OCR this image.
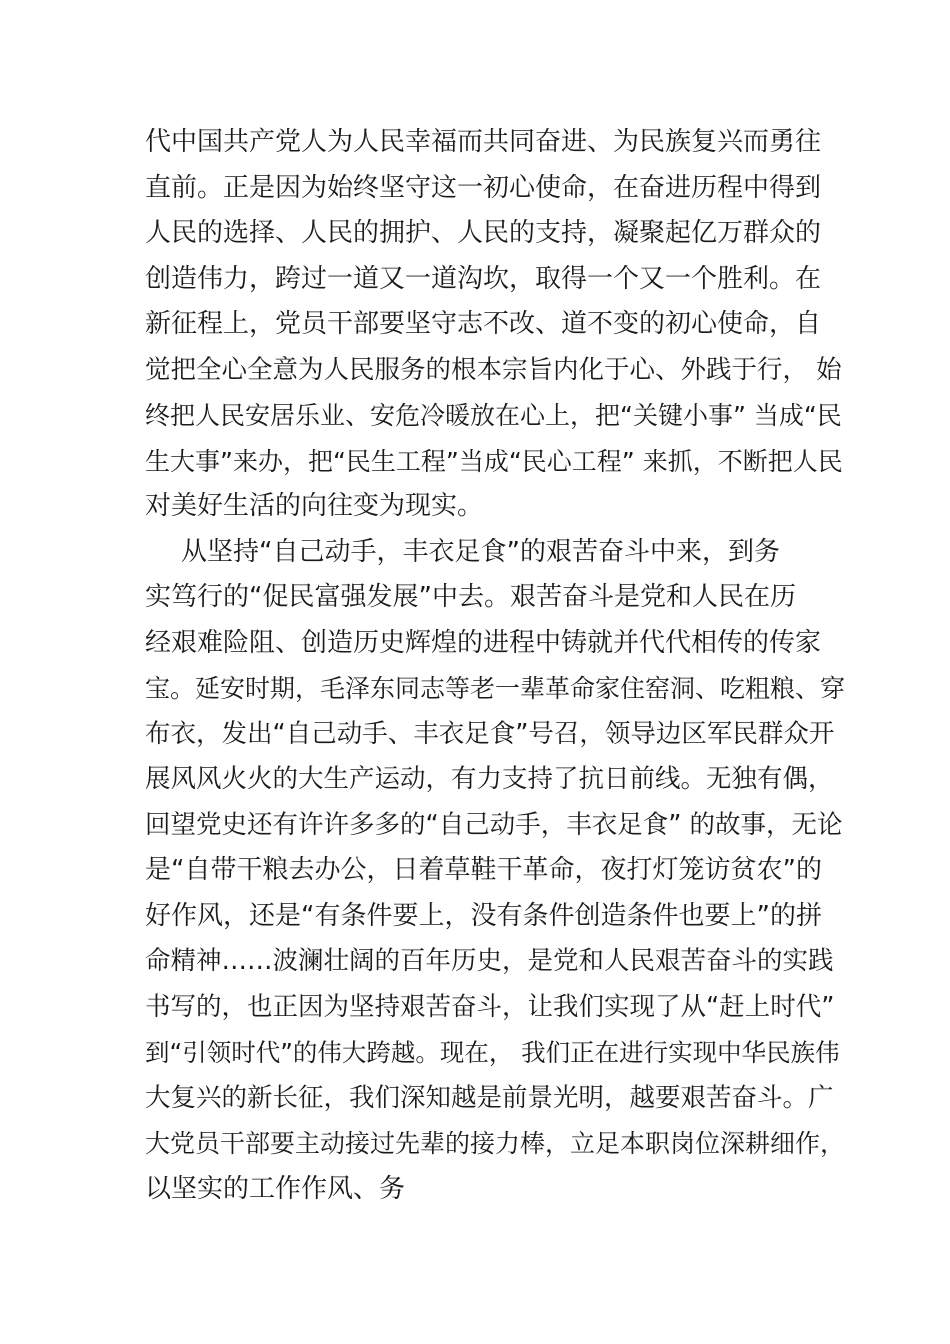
代中国共产党人为人民幸福而共同奋进、为民族复兴而勇往
直前。正是因为始终坚守这一初心使命，在奋进历程中得到
人民的选择、人民的拥护、人民的支持，凝聚起亿万群众的
创造伟力，跨过一道又一道沟坎，取得一个又一个胜利。在
新征程上，党员干部要坚守志不改、道不变的初心使命，自
觉把全心全意为人民服务的根本宗旨内化于心、外践于行， 始
终把人民安居乐业、安危冷暖放在心上，把“关键小事” 当成“民
生大事”来办，把“民生工程”当成“民心工程” 来抓，不断把人民
对美好生活的向往变为现实。
从坚持“自己动手，丰衣足食”的艰苦奋斗中来，到务
实笃行的“促民富强发展”中去。艰苦奋斗是党和人民在历
经艰难险阻、创造历史辉煌的进程中铸就并代代相传的传家
宝。延安时期，毛泽东同志等老一辈革命家住窑洞、吃粗粮、穿
布衣，发出“自己动手、丰衣足食”号召，领导边区军民群众开
展风风火火的大生产运动，有力支持了抗日前线。无独有偶，
回望党史还有许许多多的“自己动手，丰衣足食” 的故事，无论
是“自带干粮去办公，日着草鞋干革命，夜打灯笼访贫农”的
好作风，还是“有条件要上，没有条件创造条件也要上”的拼
命精神……波澜壮阔的百年历史，是党和人民艰苦奋斗的实践
书写的，也正因为坚持艰苦奋斗，让我们实现了从“赶上时代”
到“引领时代”的伟大跨越。现在， 我们正在进行实现中华民族伟
大复兴的新长征，我们深知越是前景光明，越要艰苦奋斗。广
大党员干部要主动接过先辈的接力棒，立足本职岗位深耕细作，
以坚实的工作作风、务
